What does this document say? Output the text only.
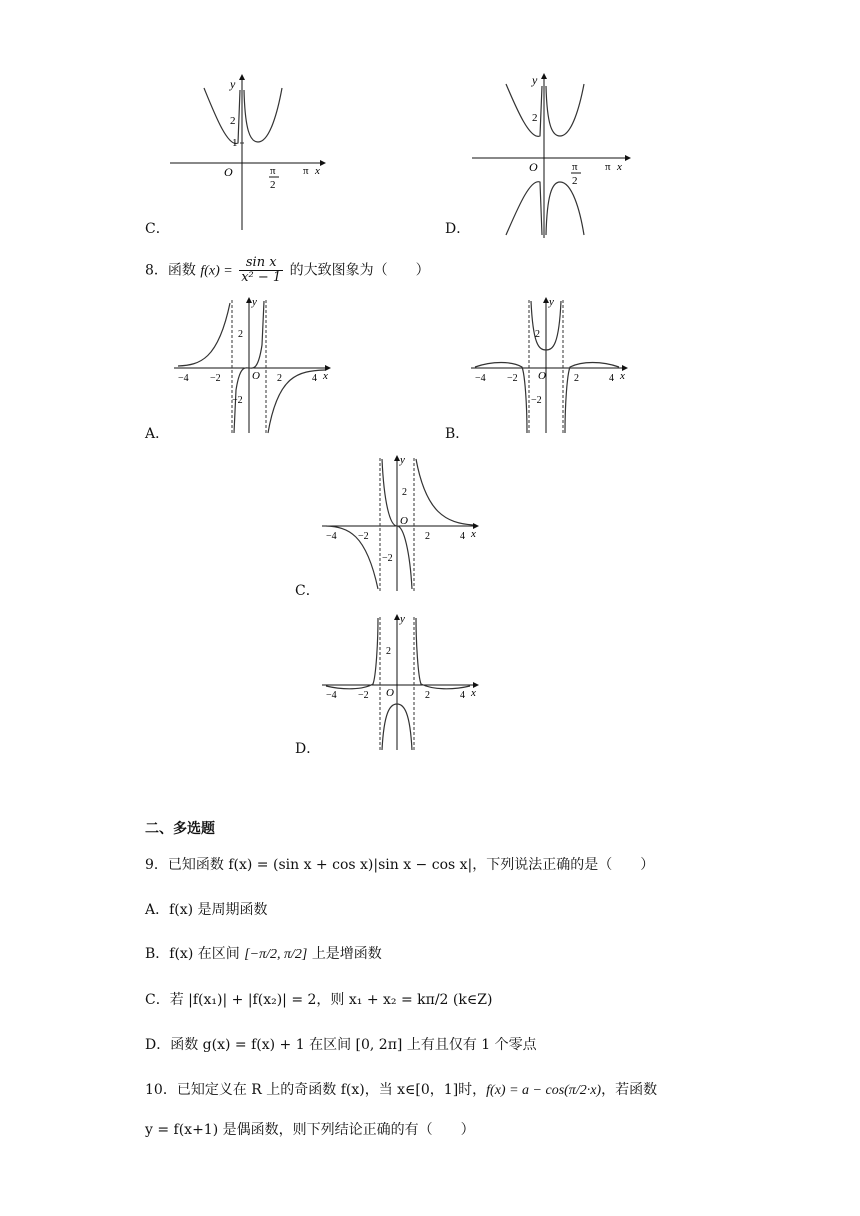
y
O
2
1
π
2
π x
C．
y
O
2
π
2
π x
D．
8．函数 $f(x) = \frac{\text{sin x}}{\text{x² − 1}}$ 的大致图象为（　　）
y
O
2
−2
−4 −2	2	4 x
A．
y
O
2
−2
−4 −2	2	4 x
B．
y
O
2
−2
−4 −2	2	4 x
C．
y
O
2
−4 −2	2	4 x
D．
二、多选题
9．已知函数 f(x) = (sin x + cos x)|sin x − cos x|，下列说法正确的是（　　）
A．f(x) 是周期函数
B．f(x) 在区间 [−π/2, π/2] 上是增函数
C．若 |f(x₁)| + |f(x₂)| = 2，则 x₁ + x₂ = kπ/2 (k∈Z)
D．函数 g(x) = f(x) + 1 在区间 [0, 2π] 上有且仅有 1 个零点
10．已知定义在 R 上的奇函数 f(x)，当 x∈[0，1]时，f(x) = a − cos(π/2·x)，若函数
y = f(x+1) 是偶函数，则下列结论正确的有（　　）
